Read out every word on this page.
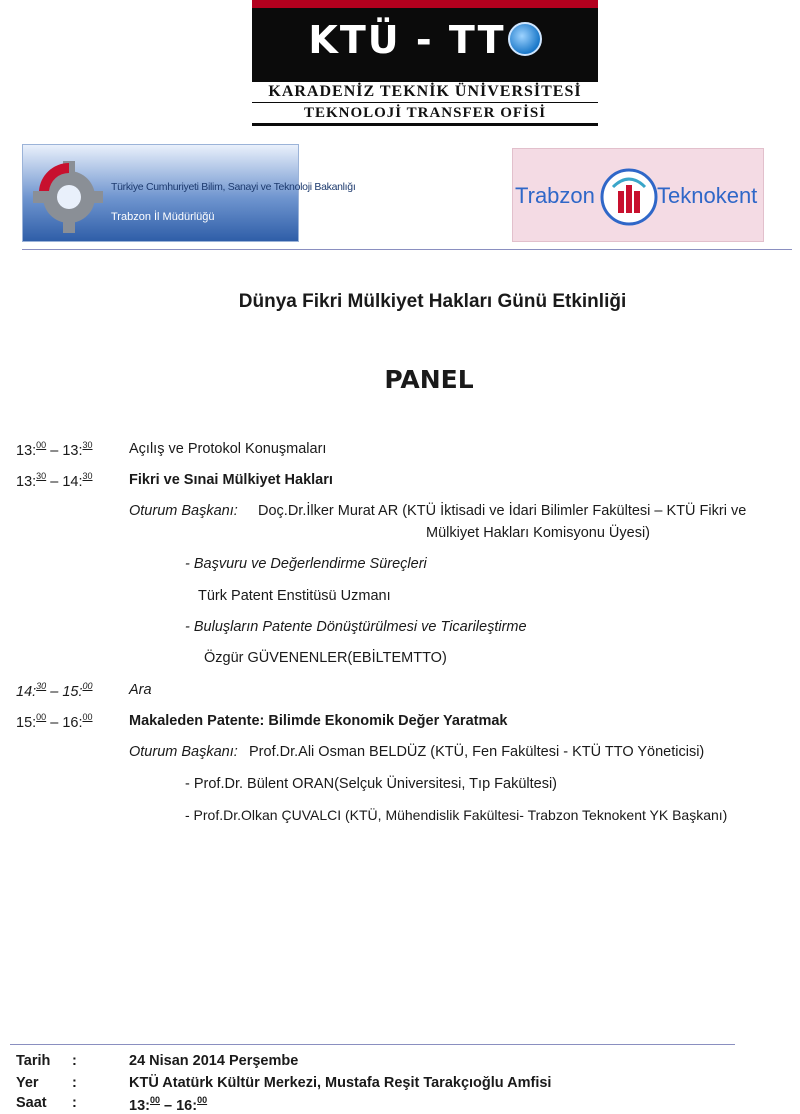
KTÜ - TT
KARADENİZ TEKNİK ÜNİVERSİTESİ
TEKNOLOJİ TRANSFER OFİSİ
Türkiye Cumhuriyeti Bilim, Sanayi ve Teknoloji Bakanlığı
Trabzon İl Müdürlüğü
Trabzon	Teknokent
Dünya Fikri Mülkiyet Hakları Günü Etkinliği
PANEL
13:$^{00}$ – 13:$^{30}$	Açılış ve Protokol Konuşmaları
13:$^{30}$ – 14:$^{30}$	Fikri ve Sınai Mülkiyet Hakları
Oturum Başkanı: Doç.Dr.İlker Murat AR (KTÜ İktisadi ve İdari Bilimler Fakültesi – KTÜ Fikri ve
Mülkiyet Hakları Komisyonu Üyesi)
- Başvuru ve Değerlendirme Süreçleri
Türk Patent Enstitüsü Uzmanı
- Buluşların Patente Dönüştürülmesi ve Ticarileştirme
Özgür GÜVENENLER(EBİLTEMTTO)
14:$^{30}$ – 15:$^{00}$	Ara
15:$^{00}$ – 16:$^{00}$	Makaleden Patente: Bilimde Ekonomik Değer Yaratmak
Oturum Başkanı: Prof.Dr.Ali Osman BELDÜZ (KTÜ, Fen Fakültesi - KTÜ TTO Yöneticisi)
- Prof.Dr. Bülent ORAN(Selçuk Üniversitesi, Tıp Fakültesi)
- Prof.Dr.Olkan ÇUVALCI (KTÜ, Mühendislik Fakültesi- Trabzon Teknokent YK Başkanı)
Tarih :	24 Nisan 2014 Perşembe
Yer :	KTÜ Atatürk Kültür Merkezi, Mustafa Reşit Tarakçıoğlu Amfisi
Saat :	13:$^{00}$ – 16:$^{00}$
